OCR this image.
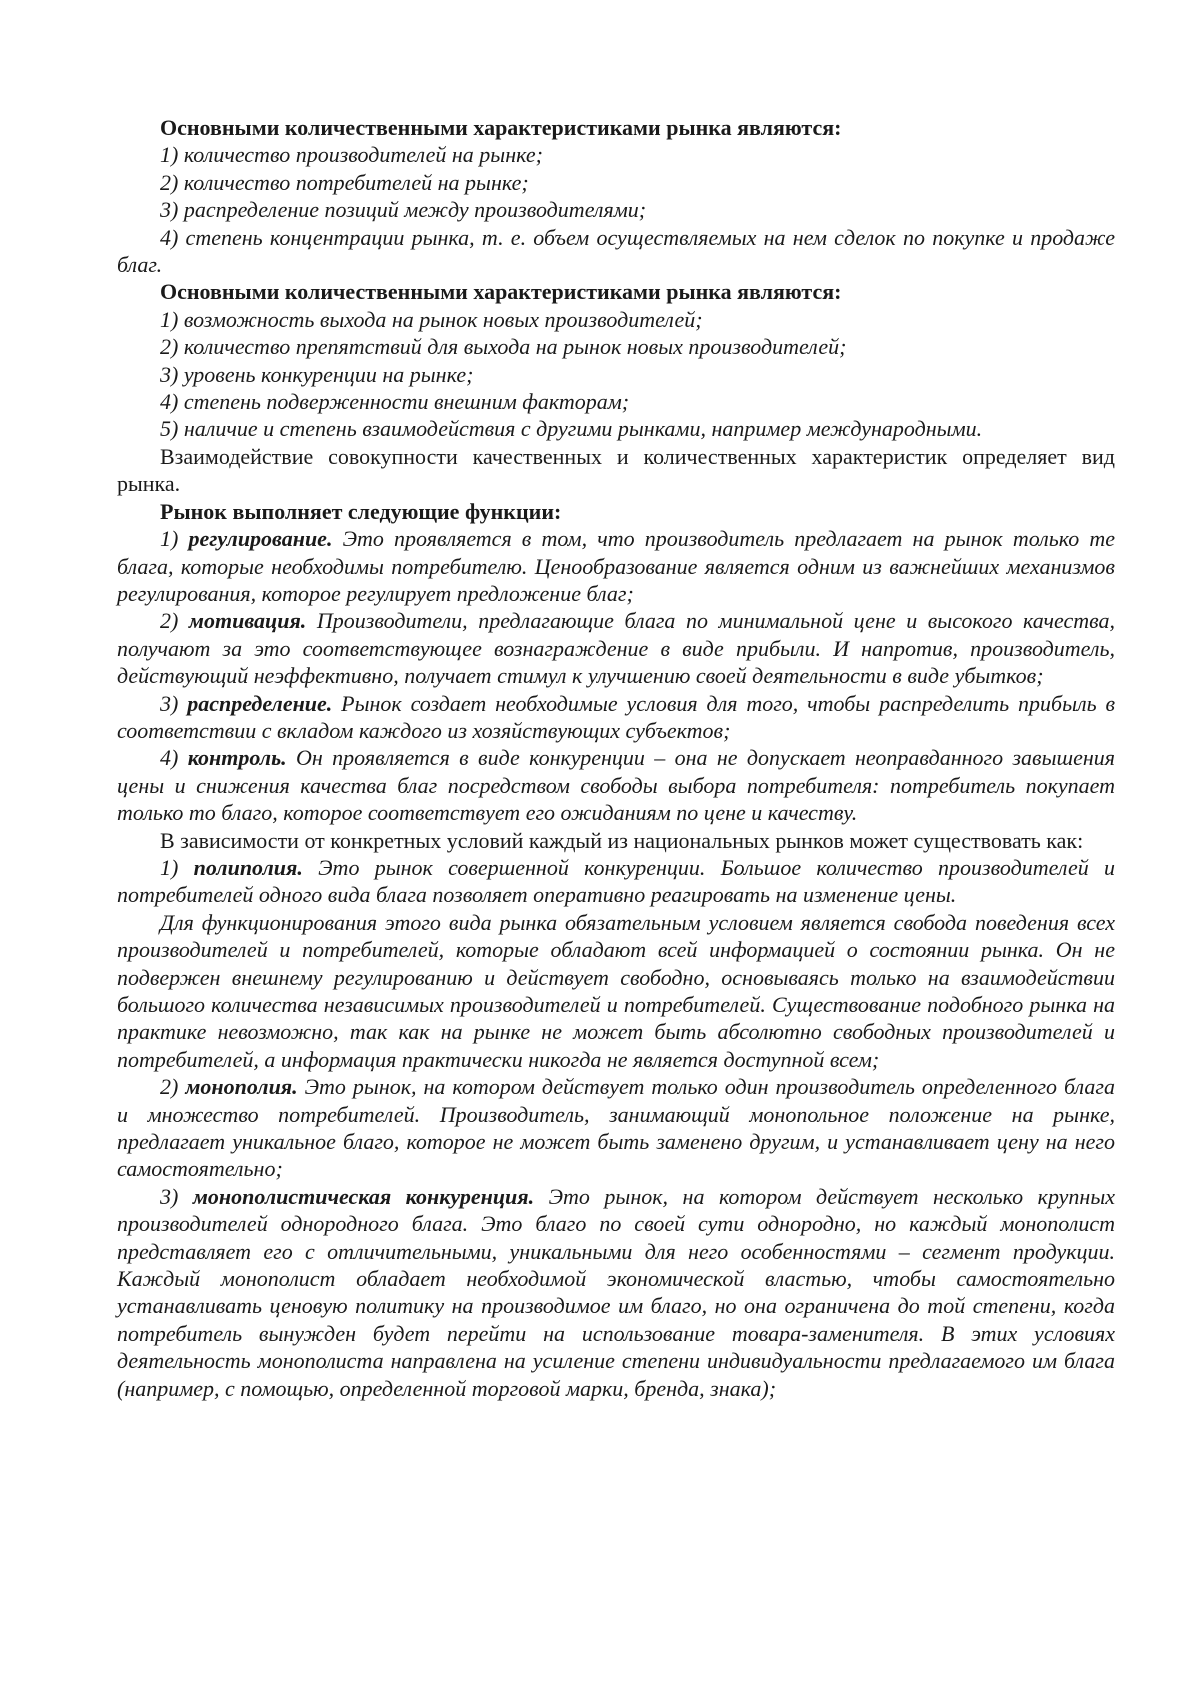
Основными количественными характеристиками рынка являются:

1) количество производителей на рынке;

2) количество потребителей на рынке;

3) распределение позиций между производителями;

4) степень концентрации рынка, т. е. объем осуществляемых на нем сделок по покупке и продаже благ.

Основными количественными характеристиками рынка являются:

1) возможность выхода на рынок новых производителей;

2) количество препятствий для выхода на рынок новых производителей;

3) уровень конкуренции на рынке;

4) степень подверженности внешним факторам;

5) наличие и степень взаимодействия с другими рынками, например международными.

Взаимодействие совокупности качественных и количественных характеристик определяет вид рынка.

Рынок выполняет следующие функции:

1) регулирование. Это проявляется в том, что производитель предлагает на рынок только те блага, которые необходимы потребителю. Ценообразование является одним из важнейших механизмов регулирования, которое регулирует предложение благ;

2) мотивация. Производители, предлагающие блага по минимальной цене и высокого качества, получают за это соответствующее вознаграждение в виде прибыли. И напротив, производитель, действующий неэффективно, получает стимул к улучшению своей деятельности в виде убытков;

3) распределение. Рынок создает необходимые условия для того, чтобы распределить прибыль в соответствии с вкладом каждого из хозяйствующих субъектов;

4) контроль. Он проявляется в виде конкуренции – она не допускает неоправданного завышения цены и снижения качества благ посредством свободы выбора потребителя: потребитель покупает только то благо, которое соответствует его ожиданиям по цене и качеству.

В зависимости от конкретных условий каждый из национальных рынков может существовать как:

1) полиполия. Это рынок совершенной конкуренции. Большое количество производителей и потребителей одного вида блага позволяет оперативно реагировать на изменение цены.

Для функционирования этого вида рынка обязательным условием является свобода поведения всех производителей и потребителей, которые обладают всей информацией о состоянии рынка. Он не подвержен внешнему регулированию и действует свободно, основываясь только на взаимодействии большого количества независимых производителей и потребителей. Существование подобного рынка на практике невозможно, так как на рынке не может быть абсолютно свободных производителей и потребителей, а информация практически никогда не является доступной всем;

2) монополия. Это рынок, на котором действует только один производитель определенного блага и множество потребителей. Производитель, занимающий монопольное положение на рынке, предлагает уникальное благо, которое не может быть заменено другим, и устанавливает цену на него самостоятельно;

3) монополистическая конкуренция. Это рынок, на котором действует несколько крупных производителей однородного блага. Это благо по своей сути однородно, но каждый монополист представляет его с отличительными, уникальными для него особенностями – сегмент продукции. Каждый монополист обладает необходимой экономической властью, чтобы самостоятельно устанавливать ценовую политику на производимое им благо, но она ограничена до той степени, когда потребитель вынужден будет перейти на использование товара-заменителя. В этих условиях деятельность монополиста направлена на усиление степени индивидуальности предлагаемого им блага (например, с помощью, определенной торговой марки, бренда, знака);
